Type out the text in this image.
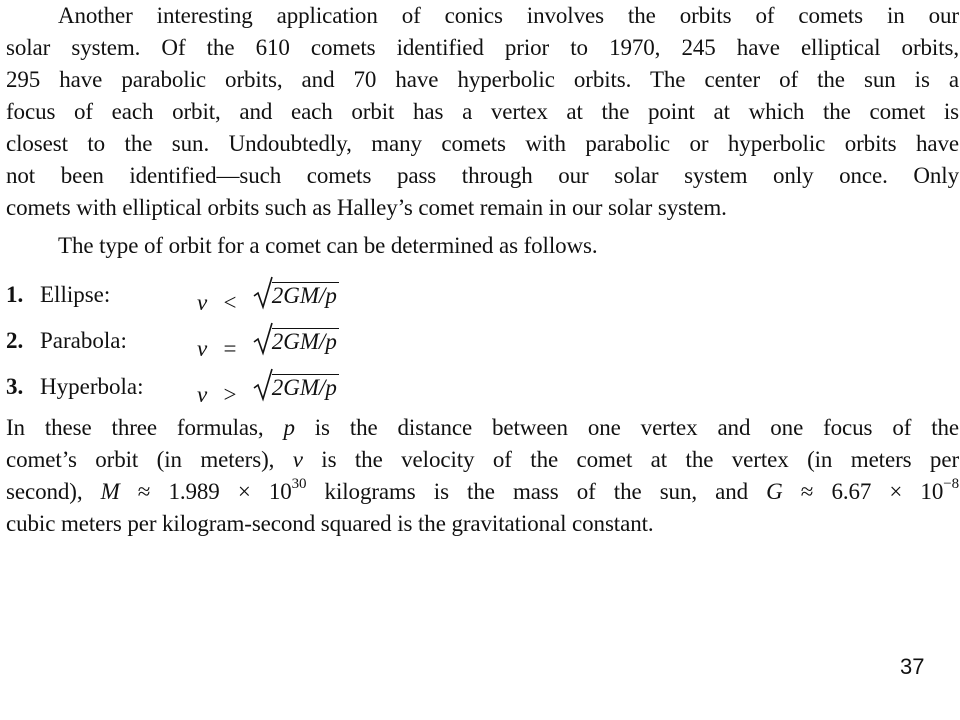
Another interesting application of conics involves the orbits of comets in our
solar system. Of the 610 comets identified prior to 1970, 245 have elliptical orbits,
295 have parabolic orbits, and 70 have hyperbolic orbits. The center of the sun is a
focus of each orbit, and each orbit has a vertex at the point at which the comet is
closest to the sun. Undoubtedly, many comets with parabolic or hyperbolic orbits have
not been identified—such comets pass through our solar system only once. Only
comets with elliptical orbits such as Halley’s comet remain in our solar system.
The type of orbit for a comet can be determined as follows.
1. Ellipse:	v < 2GM/p
2. Parabola:	v = 2GM/p
3. Hyperbola: v > 2GM/p
In these three formulas, p is the distance between one vertex and one focus of the
comet’s orbit (in meters), v is the velocity of the comet at the vertex (in meters per
second), $M \approx 1.989 \times 10^{30}$ kilograms is the mass of the sun, and $G \approx 6.67 \times 10^{-8}$
cubic meters per kilogram-second squared is the gravitational constant.
37
